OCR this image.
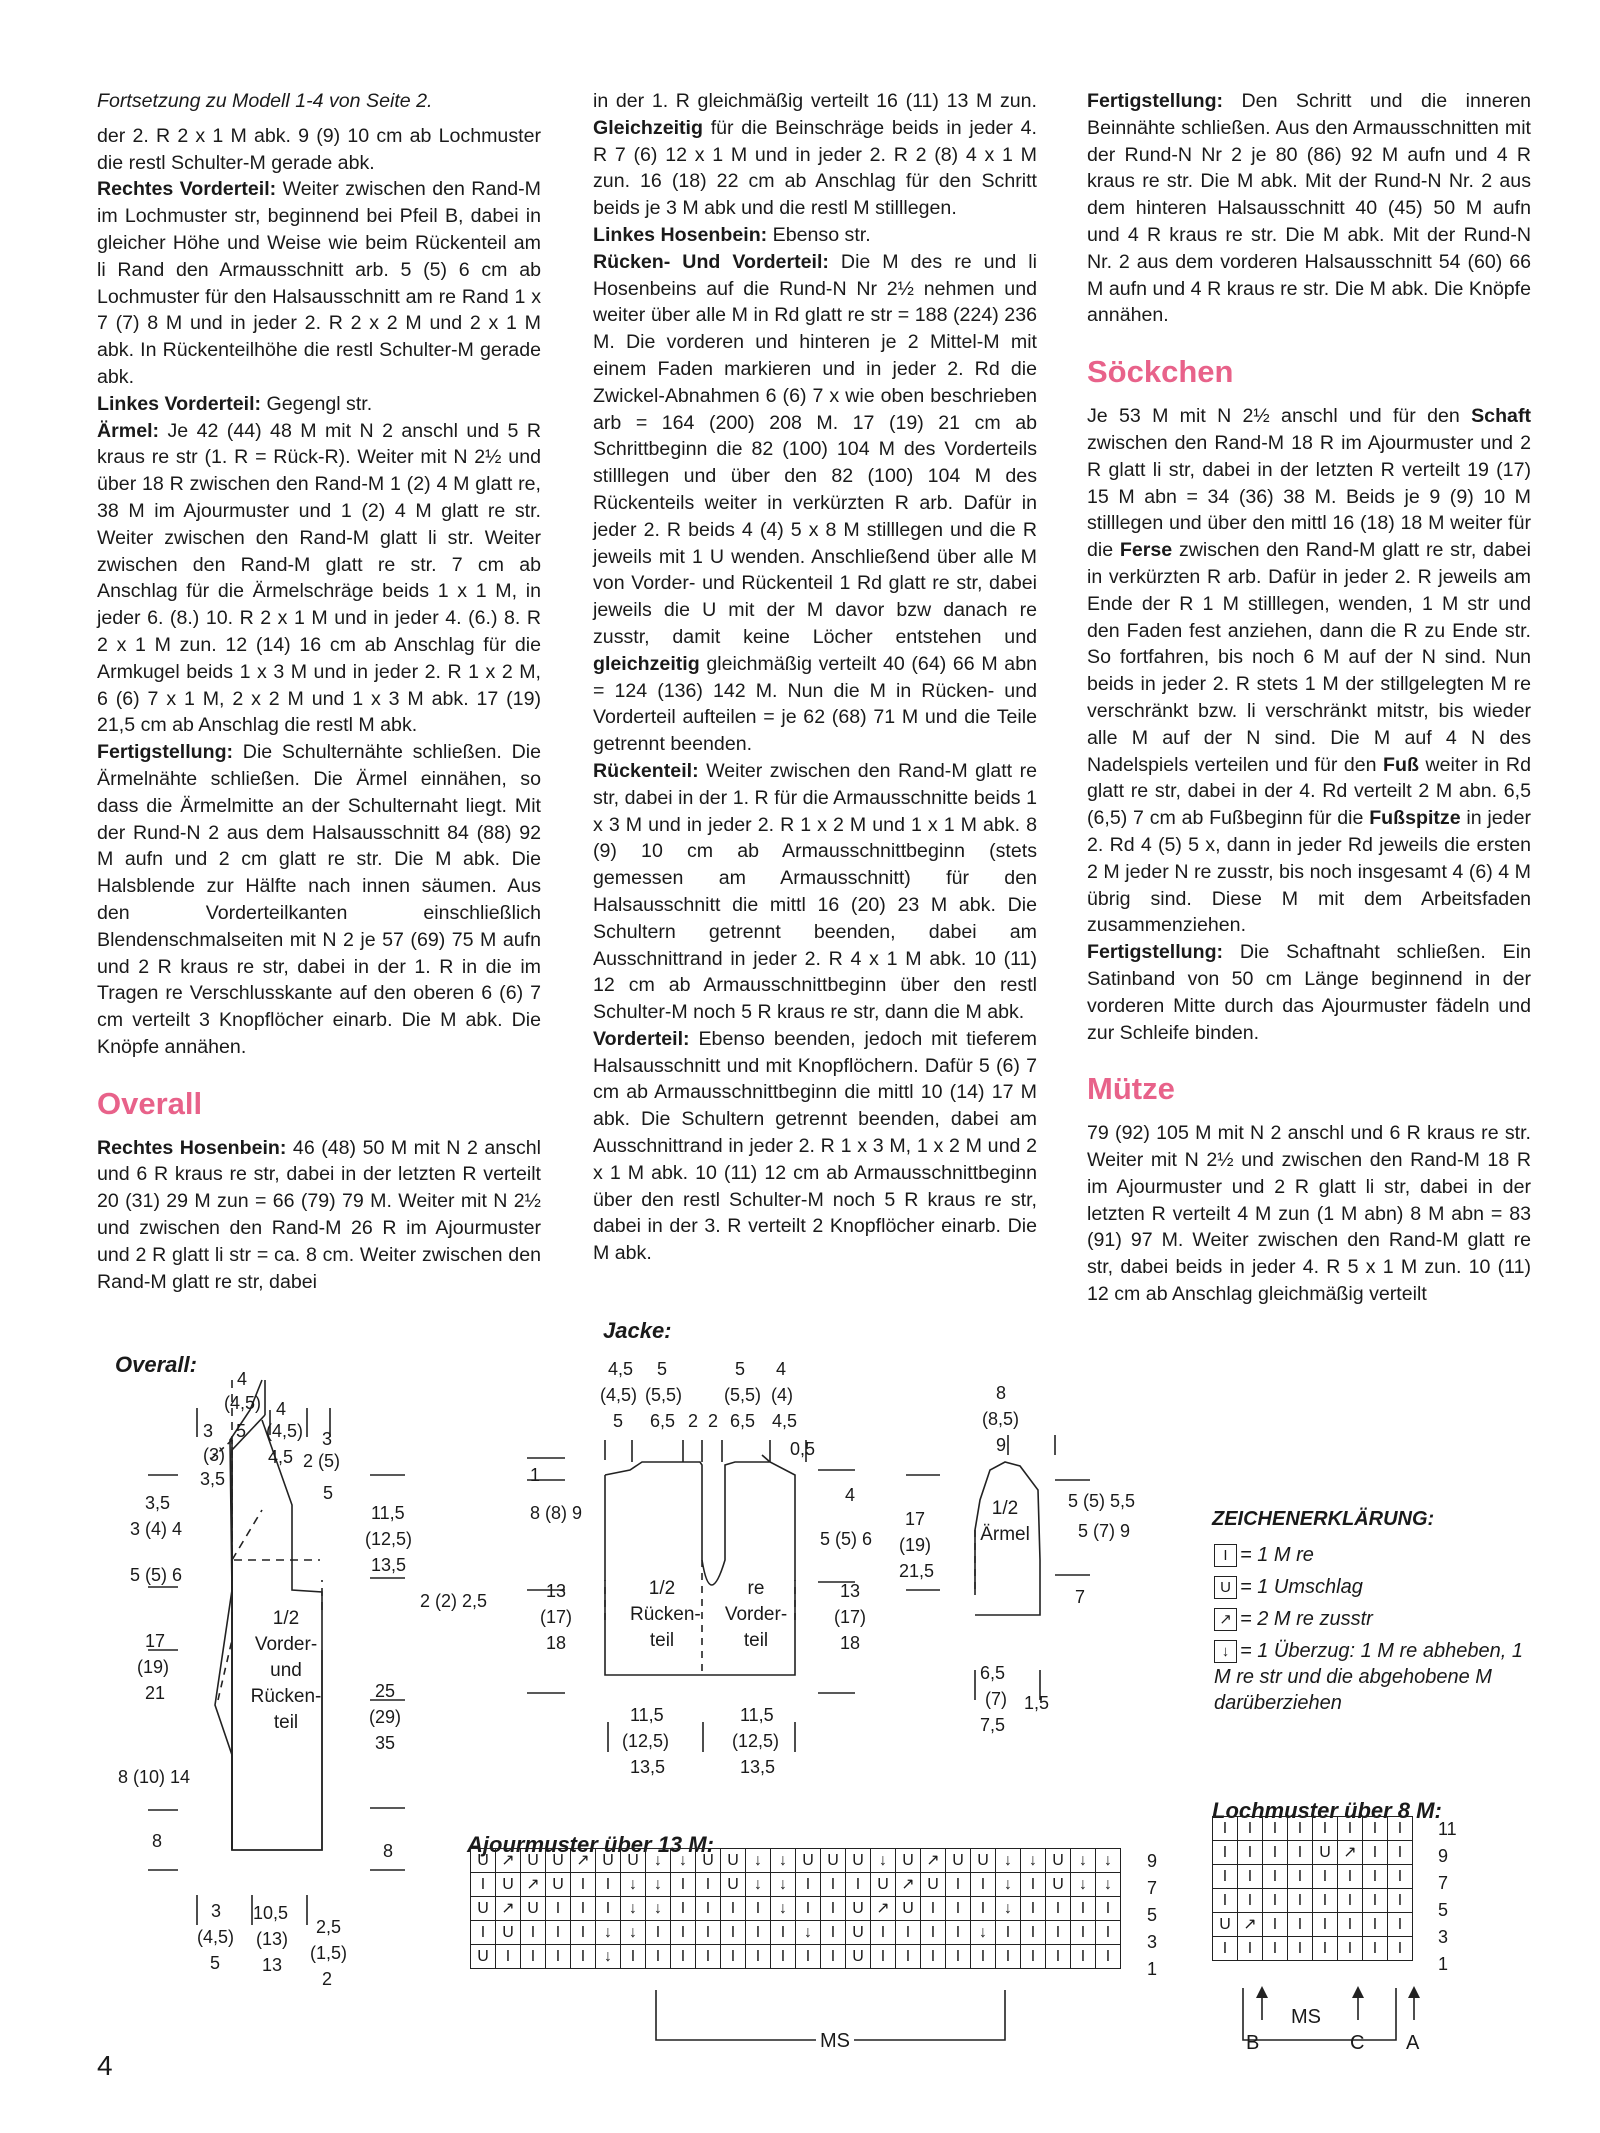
Fortsetzung zu Modell 1-4 von Seite 2.

der 2. R 2 x 1 M abk. 9 (9) 10 cm ab Lochmuster die restl Schulter-M gerade abk.

Rechtes Vorderteil: Weiter zwischen den Rand-M im Lochmuster str, beginnend bei Pfeil B, dabei in gleicher Höhe und Weise wie beim Rückenteil am li Rand den Armausschnitt arb. 5 (5) 6 cm ab Lochmuster für den Halsausschnitt am re Rand 1 x 7 (7) 8 M und in jeder 2. R 2 x 2 M und 2 x 1 M abk. In Rückenteilhöhe die restl Schulter-M gerade abk.

Linkes Vorderteil: Gegengl str.

Ärmel: Je 42 (44) 48 M mit N 2 anschl und 5 R kraus re str (1. R = Rück-R). Weiter mit N 2½ und über 18 R zwischen den Rand-M 1 (2) 4 M glatt re, 38 M im Ajourmuster und 1 (2) 4 M glatt re str. Weiter zwischen den Rand-M glatt li str. Weiter zwischen den Rand-M glatt re str. 7 cm ab Anschlag für die Ärmelschräge beids 1 x 1 M, in jeder 6. (8.) 10. R 2 x 1 M und in jeder 4. (6.) 8. R 2 x 1 M zun. 12 (14) 16 cm ab Anschlag für die Armkugel beids 1 x 3 M und in jeder 2. R 1 x 2 M, 6 (6) 7 x 1 M, 2 x 2 M und 1 x 3 M abk. 17 (19) 21,5 cm ab Anschlag die restl M abk.

Fertigstellung: Die Schulternähte schließen. Die Ärmelnähte schließen. Die Ärmel einnähen, so dass die Ärmelmitte an der Schulternaht liegt. Mit der Rund-N 2 aus dem Halsausschnitt 84 (88) 92 M aufn und 2 cm glatt re str. Die M abk. Die Halsblende zur Hälfte nach innen säumen. Aus den Vorderteilkanten einschließlich Blendenschmalseiten mit N 2 je 57 (69) 75 M aufn und 2 R kraus re str, dabei in der 1. R in die im Tragen re Verschlusskante auf den oberen 6 (6) 7 cm verteilt 3 Knopflöcher einarb. Die M abk. Die Knöpfe annähen.

Overall

Rechtes Hosenbein: 46 (48) 50 M mit N 2 anschl und 6 R kraus re str, dabei in der letzten R verteilt 20 (31) 29 M zun = 66 (79) 79 M. Weiter mit N 2½ und zwischen den Rand-M 26 R im Ajourmuster und 2 R glatt li str = ca. 8 cm. Weiter zwischen den Rand-M glatt re str, dabei

in der 1. R gleichmäßig verteilt 16 (11) 13 M zun. Gleichzeitig für die Beinschräge beids in jeder 4. R 7 (6) 12 x 1 M und in jeder 2. R 2 (8) 4 x 1 M zun. 16 (18) 22 cm ab Anschlag für den Schritt beids je 3 M abk und die restl M stilllegen.

Linkes Hosenbein: Ebenso str.

Rücken- Und Vorderteil: Die M des re und li Hosenbeins auf die Rund-N Nr 2½ nehmen und weiter über alle M in Rd glatt re str = 188 (224) 236 M. Die vorderen und hinteren je 2 Mittel-M mit einem Faden markieren und in jeder 2. Rd die Zwickel-Abnahmen 6 (6) 7 x wie oben beschrieben arb = 164 (200) 208 M. 17 (19) 21 cm ab Schrittbeginn die 82 (100) 104 M des Vorderteils stilllegen und über den 82 (100) 104 M des Rückenteils weiter in verkürzten R arb. Dafür in jeder 2. R beids 4 (4) 5 x 8 M stilllegen und die R jeweils mit 1 U wenden. Anschließend über alle M von Vorder- und Rückenteil 1 Rd glatt re str, dabei jeweils die U mit der M davor bzw danach re zusstr, damit keine Löcher entstehen und gleichzeitig gleichmäßig verteilt 40 (64) 66 M abn = 124 (136) 142 M. Nun die M in Rücken- und Vorderteil aufteilen = je 62 (68) 71 M und die Teile getrennt beenden.

Rückenteil: Weiter zwischen den Rand-M glatt re str, dabei in der 1. R für die Armausschnitte beids 1 x 3 M und in jeder 2. R 1 x 2 M und 1 x 1 M abk. 8 (9) 10 cm ab Armausschnittbeginn (stets gemessen am Armausschnitt) für den Halsausschnitt die mittl 16 (20) 23 M abk. Die Schultern getrennt beenden, dabei am Ausschnittrand in jeder 2. R 4 x 1 M abk. 10 (11) 12 cm ab Armausschnittbeginn über den restl Schulter-M noch 5 R kraus re str, dann die M abk.

Vorderteil: Ebenso beenden, jedoch mit tieferem Halsausschnitt und mit Knopflöchern. Dafür 5 (6) 7 cm ab Armausschnittbeginn die mittl 10 (14) 17 M abk. Die Schultern getrennt beenden, dabei am Ausschnittrand in jeder 2. R 1 x 3 M, 1 x 2 M und 2 x 1 M abk. 10 (11) 12 cm ab Armausschnittbeginn über den restl Schulter-M noch 5 R kraus re str, dabei in der 3. R verteilt 2 Knopflöcher einarb. Die M abk.

Fertigstellung: Den Schritt und die inneren Beinnähte schließen. Aus den Armausschnitten mit der Rund-N Nr 2 je 80 (86) 92 M aufn und 4 R kraus re str. Die M abk. Mit der Rund-N Nr. 2 aus dem hinteren Halsausschnitt 40 (45) 50 M aufn und 4 R kraus re str. Die M abk. Mit der Rund-N Nr. 2 aus dem vorderen Halsausschnitt 54 (60) 66 M aufn und 4 R kraus re str. Die M abk. Die Knöpfe annähen.

Söckchen

Je 53 M mit N 2½ anschl und für den Schaft zwischen den Rand-M 18 R im Ajourmuster und 2 R glatt li str, dabei in der letzten R verteilt 19 (17) 15 M abn = 34 (36) 38 M. Beids je 9 (9) 10 M stilllegen und über den mittl 16 (18) 18 M weiter für die Ferse zwischen den Rand-M glatt re str, dabei in verkürzten R arb. Dafür in jeder 2. R jeweils am Ende der R 1 M stilllegen, wenden, 1 M str und den Faden fest anziehen, dann die R zu Ende str. So fortfahren, bis noch 6 M auf der N sind. Nun beids in jeder 2. R stets 1 M der stillgelegten M re verschränkt bzw. li verschränkt mitstr, bis wieder alle M auf der N sind. Die M auf 4 N des Nadelspiels verteilen und für den Fuß weiter in Rd glatt re str, dabei in der 4. Rd verteilt 2 M abn. 6,5 (6,5) 7 cm ab Fußbeginn für die Fußspitze in jeder 2. Rd 4 (5) 5 x, dann in jeder Rd jeweils die ersten 2 M jeder N re zusstr, bis noch insgesamt 4 (6) 4 M übrig sind. Diese M mit dem Arbeitsfaden zusammenziehen.

Fertigstellung: Die Schaftnaht schließen. Ein Satinband von 50 cm Länge beginnend in der vorderen Mitte durch das Ajourmuster fädeln und zur Schleife binden.

Mütze

79 (92) 105 M mit N 2 anschl und 6 R kraus re str. Weiter mit N 2½ und zwischen den Rand-M 18 R im Ajourmuster und 2 R glatt li str, dabei in der letzten R verteilt 4 M zun (1 M abn) 8 M abn = 83 (91) 97 M. Weiter zwischen den Rand-M glatt re str, dabei beids in jeder 4. R 5 x 1 M zun. 10 (11) 12 cm ab Anschlag gleichmäßig verteilt

Overall:
Jacke:
Ajourmuster über 13 M:
Lochmuster über 8 M:
4
(4,5) 4
3 5 (4,5) 3
(3) 4,5 2 (5)
3,5
5
3,5
3 (4) 4
11,5
(12,5)
13,5
5 (5) 6
2 (2) 2,5
17
(19)
21	25
(29)
35
8 (10) 14
8	8
3
(4,5)
5
10,5
(13)
13
2,5
(1,5)
2
1/2
Vorder-
und
Rücken-
teil
4,5 5	5 4
(4,5) (5,5) (5,5) (4)
5 6,5 2 2 6,5 4,5
0,5
1
8 (8) 9
4
5 (5) 6
13
(17)
18
13
(17)
18
1/2
Rücken-
teil
re
Vorder-
teil
11,5
(12,5)
13,5
11,5
(12,5)
13,5
8
(8,5)
9
17
(19)
21,5
5 (5) 5,5
5 (7) 9
7
1/2
Ärmel
6,5
(7)
7,5
1,5
ZEICHENERKLÄRUNG:
I = 1 M re
U = 1 Umschlag
↗ = 2 M re zusstr
↓ = 1 Überzug: 1 M re abheben, 1 M re str und die abgehobene M darüberziehen
U	↗	U	U	↗	U	U	↓	↓	U	U	↓	↓	U	U	U	↓	U	↗	U	U	↓	↓	U	↓	↓
I	U	↗	U	I	I	↓	↓	I	I	U	↓	↓	I	I	I	U	↗	U	I	I	↓	I	U	↓	↓
U	↗	U	I	I	I	↓	↓	I	I	I	I	↓	I	I	U	↗	U	I	I	I	↓	I	I	I	I
I	U	I	I	I	↓	↓	I	I	I	I	I	I	↓	I	U	I	I	I	I	↓	I	I	I	I	I
U	I	I	I	I	↓	I	I	I	I	I	I	I	I	I	U	I	I	I	I	I	I	I	I	I	I
9
7
5
3
1
MS
I	I	I	I	I	I	I	I
I	I	I	I	U	↗	I	I
I	I	I	I	I	I	I	I
I	I	I	I	I	I	I	I
U	↗	I	I	I	I	I	I
I	I	I	I	I	I	I	I
11
9
7
5
3
1
MS
B	C A
4
